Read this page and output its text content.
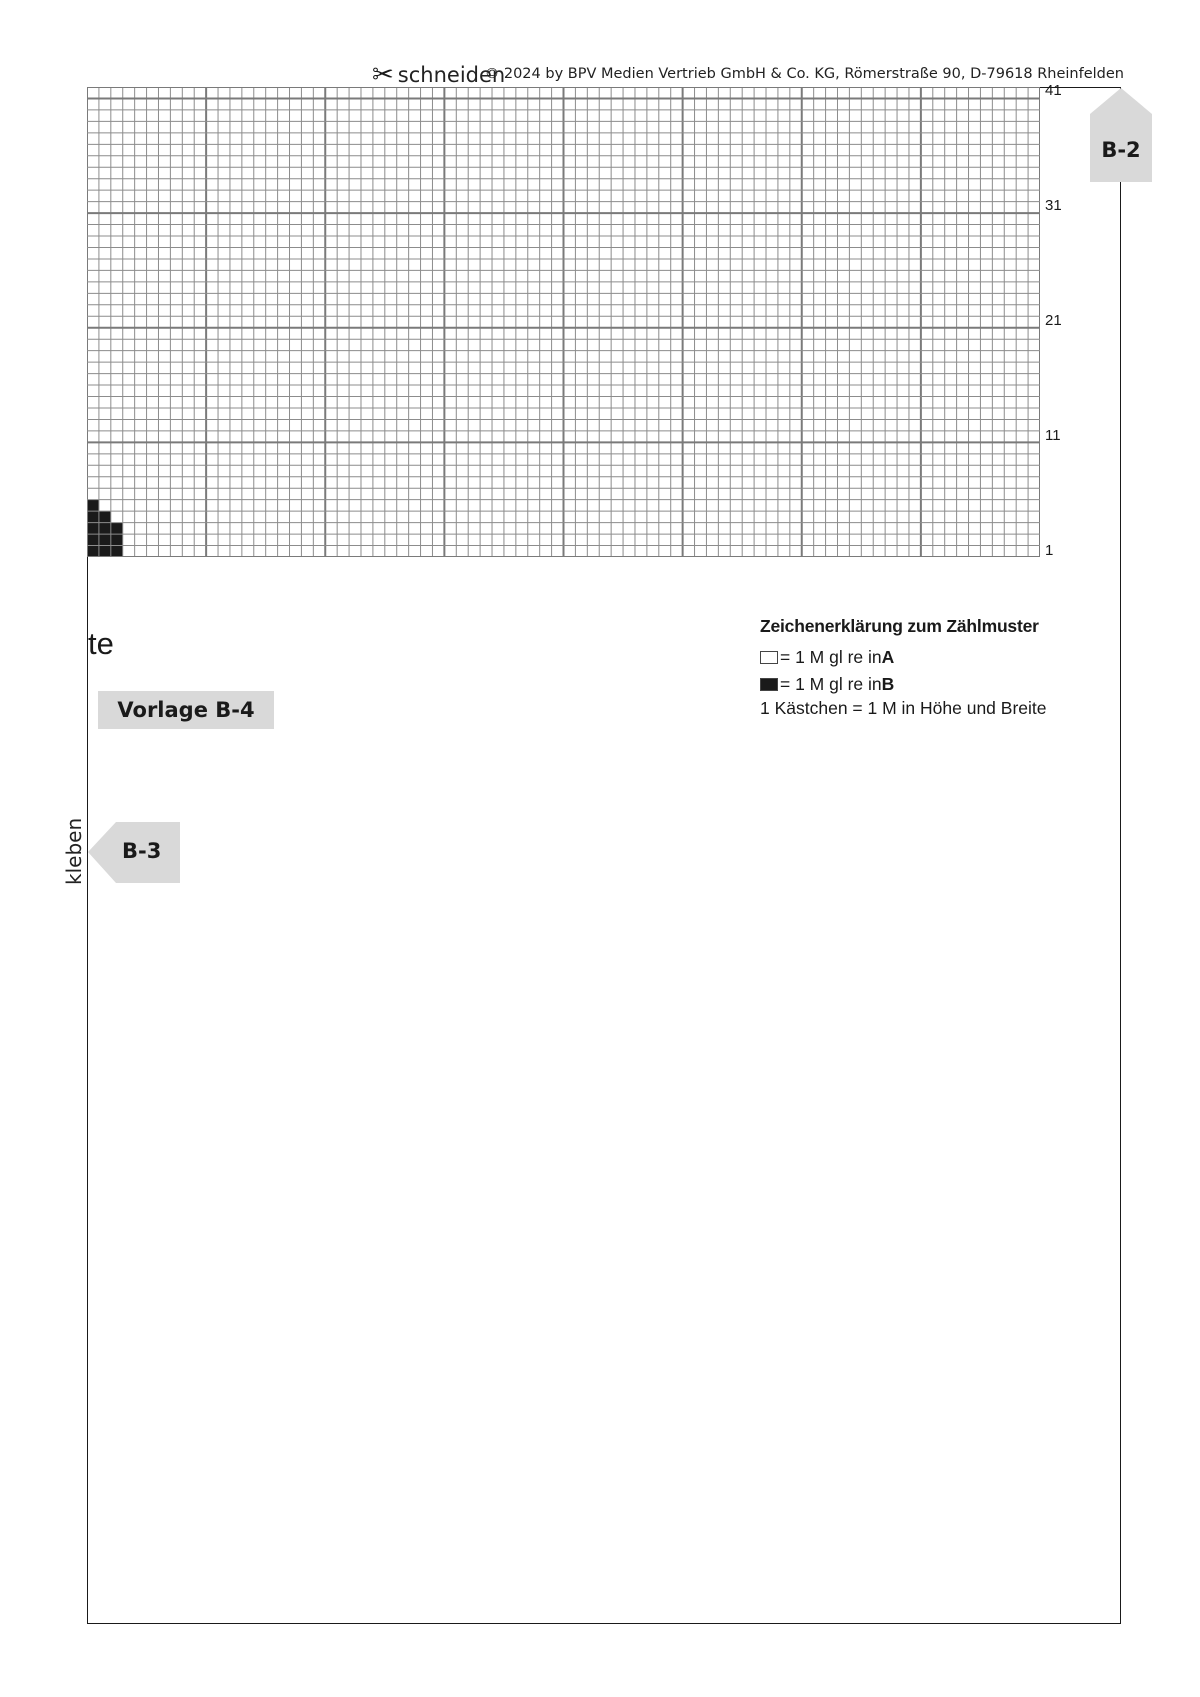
✂ schneiden
© 2024 by BPV Medien Vertrieb GmbH & Co. KG, Römerstraße 90, D-79618 Rheinfelden
41
31
21
11
1
B-2
B-3
kleben
te
Vorlage B-4
Zeichenerklärung zum Zählmuster
= 1 M gl re in A
= 1 M gl re in B
1 Kästchen = 1 M in Höhe und Breite
